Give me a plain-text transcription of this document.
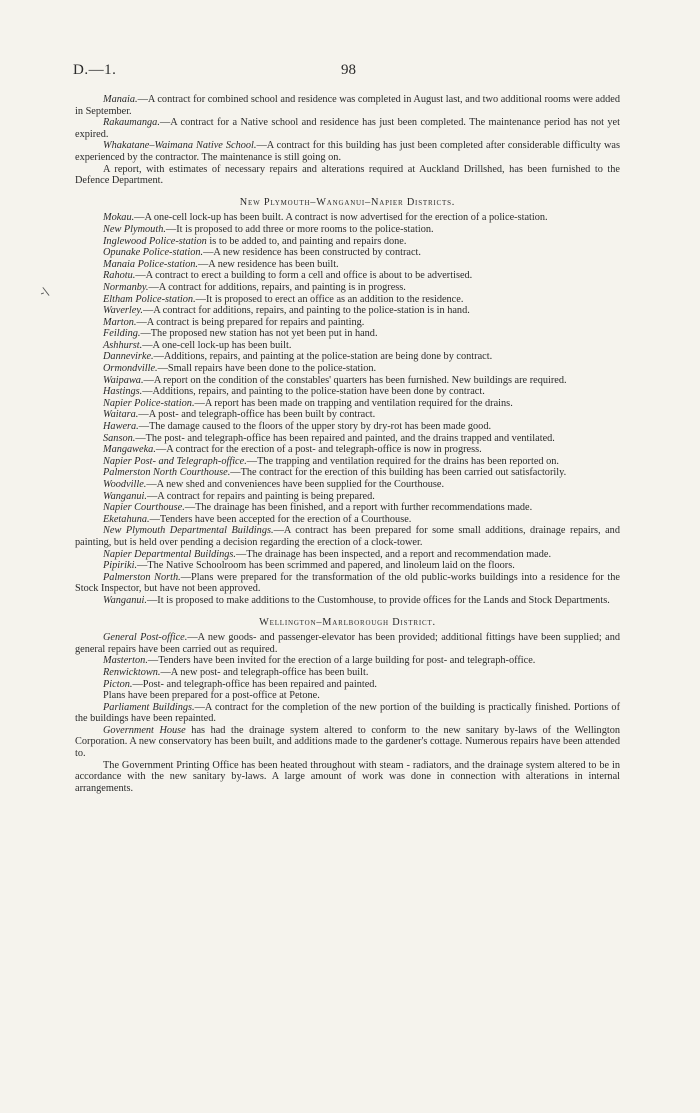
D.—1.	98
-\

Manaia.—A contract for combined school and residence was completed in August last, and two additional rooms were added in September.

Rakaumanga.—A contract for a Native school and residence has just been completed. The maintenance period has not yet expired.

Whakatane–Waimana Native School.—A contract for this building has just been completed after considerable difficulty was experienced by the contractor. The maintenance is still going on.

A report, with estimates of necessary repairs and alterations required at Auckland Drillshed, has been furnished to the Defence Department.

New Plymouth–Wanganui–Napier Districts.

Mokau.—A one-cell lock-up has been built. A contract is now advertised for the erection of a police-station.

New Plymouth.—It is proposed to add three or more rooms to the police-station.

Inglewood Police-station is to be added to, and painting and repairs done.

Opunake Police-station.—A new residence has been constructed by contract.

Manaia Police-station.—A new residence has been built.

Rahotu.—A contract to erect a building to form a cell and office is about to be advertised.

Normanby.—A contract for additions, repairs, and painting is in progress.

Eltham Police-station.—It is proposed to erect an office as an addition to the residence.

Waverley.—A contract for additions, repairs, and painting to the police-station is in hand.

Marton.—A contract is being prepared for repairs and painting.

Feilding.—The proposed new station has not yet been put in hand.

Ashhurst.—A one-cell lock-up has been built.

Dannevirke.—Additions, repairs, and painting at the police-station are being done by contract.

Ormondville.—Small repairs have been done to the police-station.

Waipawa.—A report on the condition of the constables' quarters has been furnished. New buildings are required.

Hastings.—Additions, repairs, and painting to the police-station have been done by contract.

Napier Police-station.—A report has been made on trapping and ventilation required for the drains.

Waitara.—A post- and telegraph-office has been built by contract.

Hawera.—The damage caused to the floors of the upper story by dry-rot has been made good.

Sanson.—The post- and telegraph-office has been repaired and painted, and the drains trapped and ventilated.

Mangaweka.—A contract for the erection of a post- and telegraph-office is now in progress.

Napier Post- and Telegraph-office.—The trapping and ventilation required for the drains has been reported on.

Palmerston North Courthouse.—The contract for the erection of this building has been carried out satisfactorily.

Woodville.—A new shed and conveniences have been supplied for the Courthouse.

Wanganui.—A contract for repairs and painting is being prepared.

Napier Courthouse.—The drainage has been finished, and a report with further recommendations made.

Eketahuna.—Tenders have been accepted for the erection of a Courthouse.

New Plymouth Departmental Buildings.—A contract has been prepared for some small additions, drainage repairs, and painting, but is held over pending a decision regarding the erection of a clock-tower.

Napier Departmental Buildings.—The drainage has been inspected, and a report and recommendation made.

Pipiriki.—The Native Schoolroom has been scrimmed and papered, and linoleum laid on the floors.

Palmerston North.—Plans were prepared for the transformation of the old public-works buildings into a residence for the Stock Inspector, but have not been approved.

Wanganui.—It is proposed to make additions to the Customhouse, to provide offices for the Lands and Stock Departments.

Wellington–Marlborough District.

General Post-office.—A new goods- and passenger-elevator has been provided; additional fittings have been supplied; and general repairs have been carried out as required.

Masterton.—Tenders have been invited for the erection of a large building for post- and telegraph-office.

Renwicktown.—A new post- and telegraph-office has been built.

Picton.—Post- and telegraph-office has been repaired and painted.

Plans have been prepared for a post-office at Petone.

Parliament Buildings.—A contract for the completion of the new portion of the building is practically finished. Portions of the buildings have been repainted.

Government House has had the drainage system altered to conform to the new sanitary by-laws of the Wellington Corporation. A new conservatory has been built, and additions made to the gardener's cottage. Numerous repairs have been attended to.

The Government Printing Office has been heated throughout with steam - radiators, and the drainage system altered to be in accordance with the new sanitary by-laws. A large amount of work was done in connection with alterations in internal arrangements.
